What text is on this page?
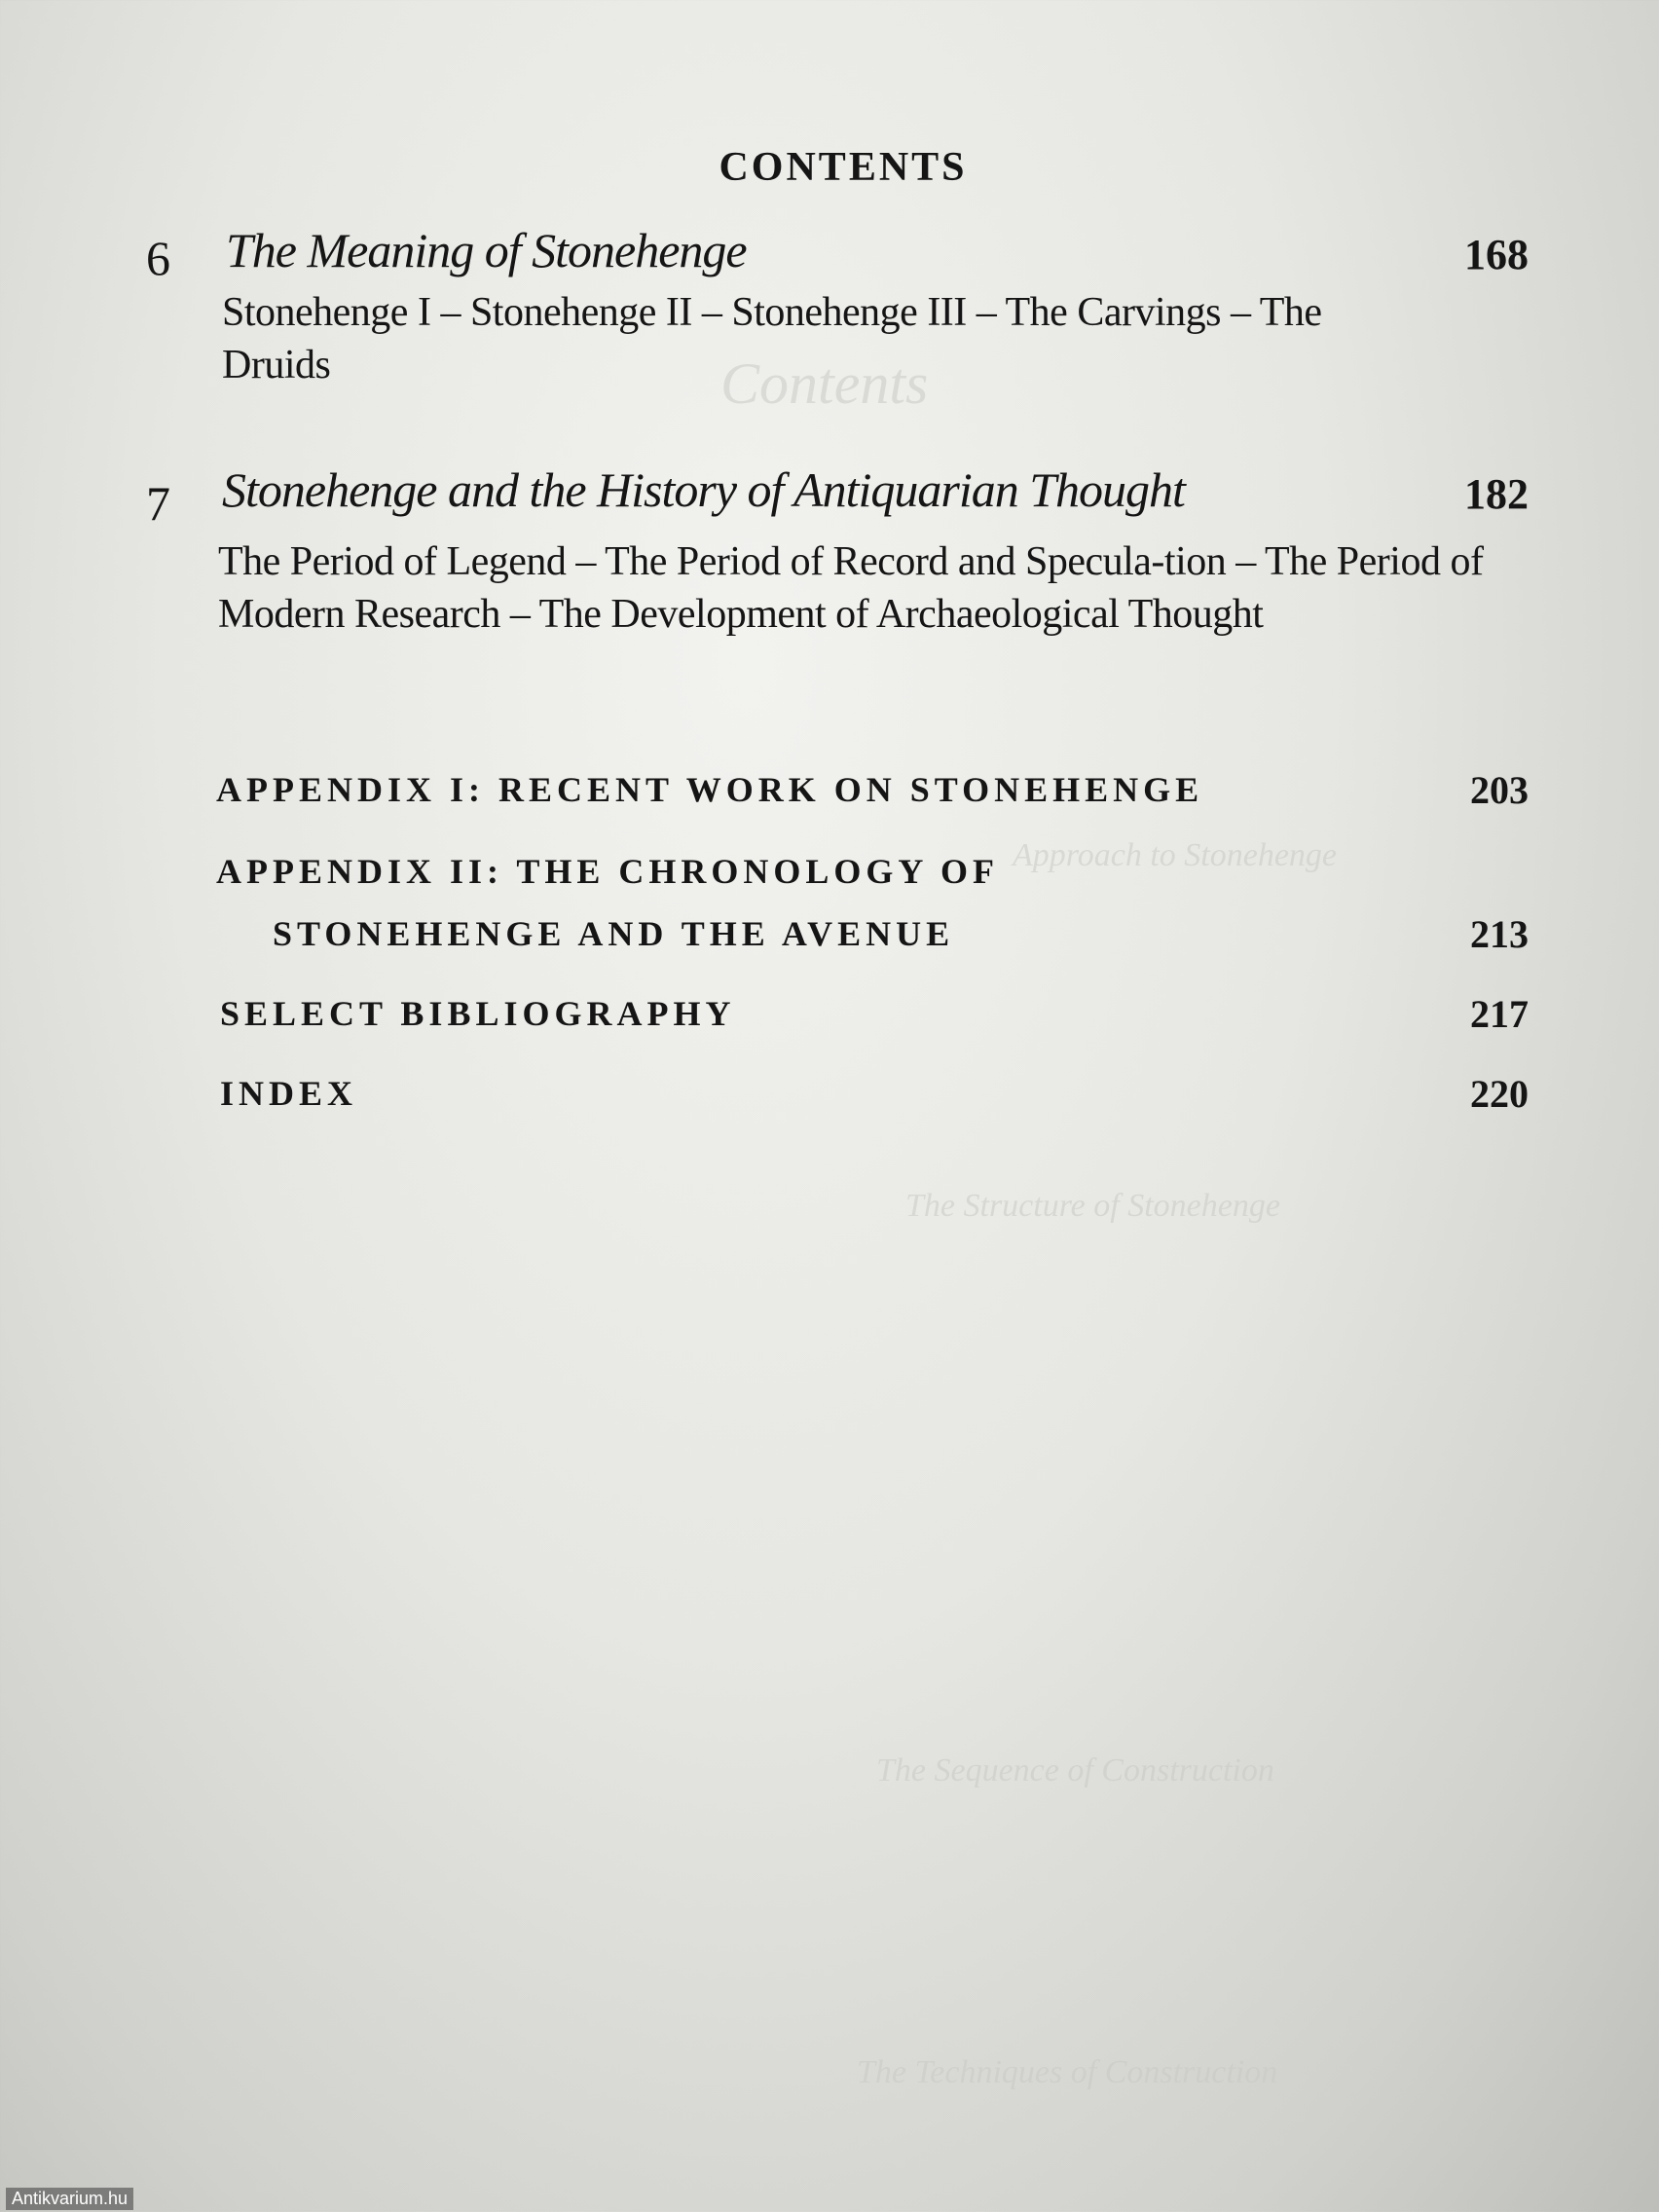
Contents
Approach to Stonehenge
The Structure of Stonehenge
The Sequence of Construction
The Techniques of Construction
CONTENTS
6 The Meaning of Stonehenge	168
Stonehenge I – Stonehenge II – Stonehenge III – The Carvings – The Druids
7 Stonehenge and the History of Antiquarian Thought	182
The Period of Legend – The Period of Record and Specula-tion – The Period of Modern Research – The Development of Archaeological Thought
APPENDIX I: RECENT WORK ON STONEHENGE	203
APPENDIX II: THE CHRONOLOGY OF
STONEHENGE AND THE AVENUE	213
SELECT BIBLIOGRAPHY	217
INDEX	220
Antikvarium.hu
